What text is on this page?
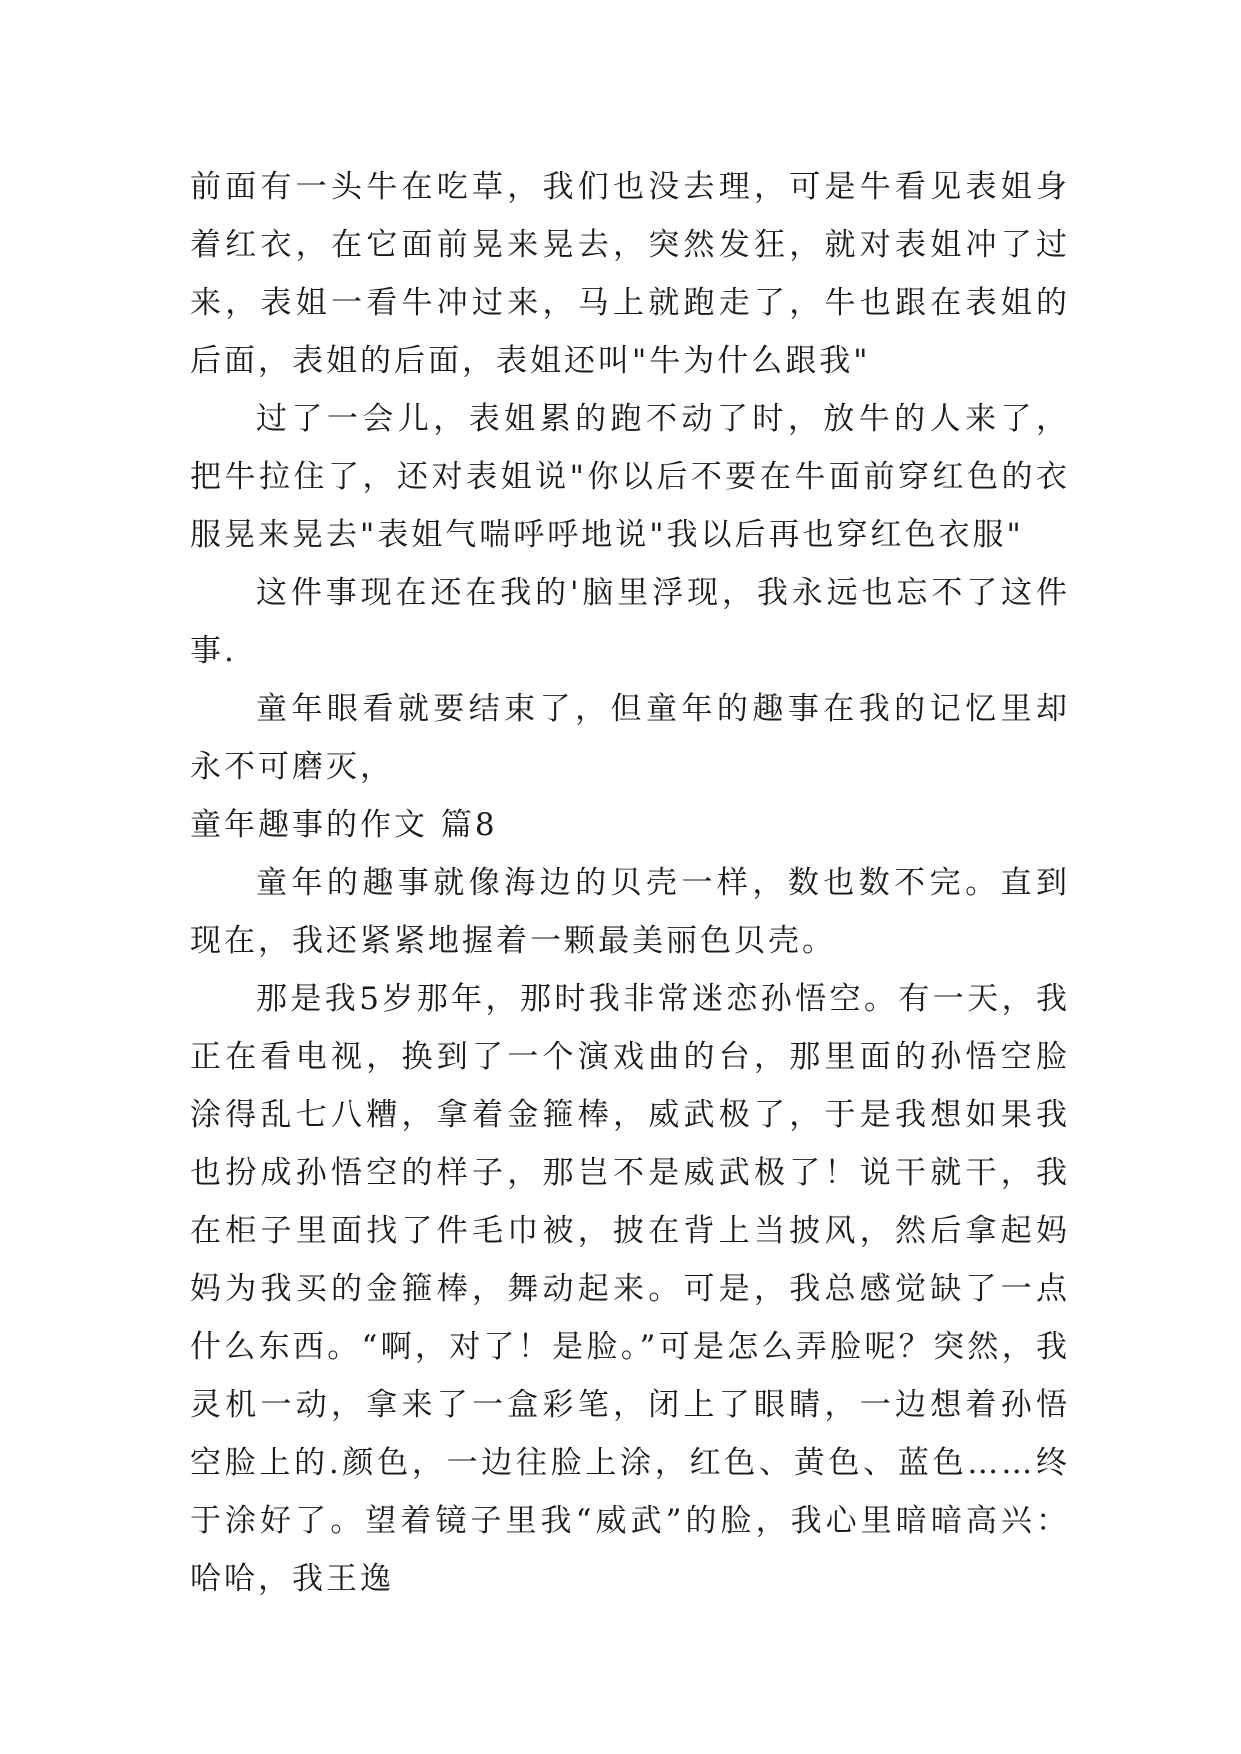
前面有一头牛在吃草，我们也没去理，可是牛看见表姐身着红衣，在它面前晃来晃去，突然发狂，就对表姐冲了过来，表姐一看牛冲过来，马上就跑走了，牛也跟在表姐的后面，表姐的后面，表姐还叫"牛为什么跟我"

过了一会儿，表姐累的跑不动了时，放牛的人来了，把牛拉住了，还对表姐说"你以后不要在牛面前穿红色的衣服晃来晃去"表姐气喘呼呼地说"我以后再也穿红色衣服"

这件事现在还在我的'脑里浮现，我永远也忘不了这件事.

童年眼看就要结束了，但童年的趣事在我的记忆里却永不可磨灭，

童年趣事的作文 篇8

童年的趣事就像海边的贝壳一样，数也数不完。直到现在，我还紧紧地握着一颗最美丽色贝壳。

那是我5岁那年，那时我非常迷恋孙悟空。有一天，我正在看电视，换到了一个演戏曲的台，那里面的孙悟空脸涂得乱七八糟，拿着金箍棒，威武极了，于是我想如果我也扮成孙悟空的样子，那岂不是威武极了！说干就干，我在柜子里面找了件毛巾被，披在背上当披风，然后拿起妈妈为我买的金箍棒，舞动起来。可是，我总感觉缺了一点什么东西。“啊，对了！是脸。”可是怎么弄脸呢？突然，我灵机一动，拿来了一盒彩笔，闭上了眼睛，一边想着孙悟空脸上的.颜色，一边往脸上涂，红色、黄色、蓝色……终于涂好了。望着镜子里我“威武”的脸，我心里暗暗高兴：哈哈，我王逸
